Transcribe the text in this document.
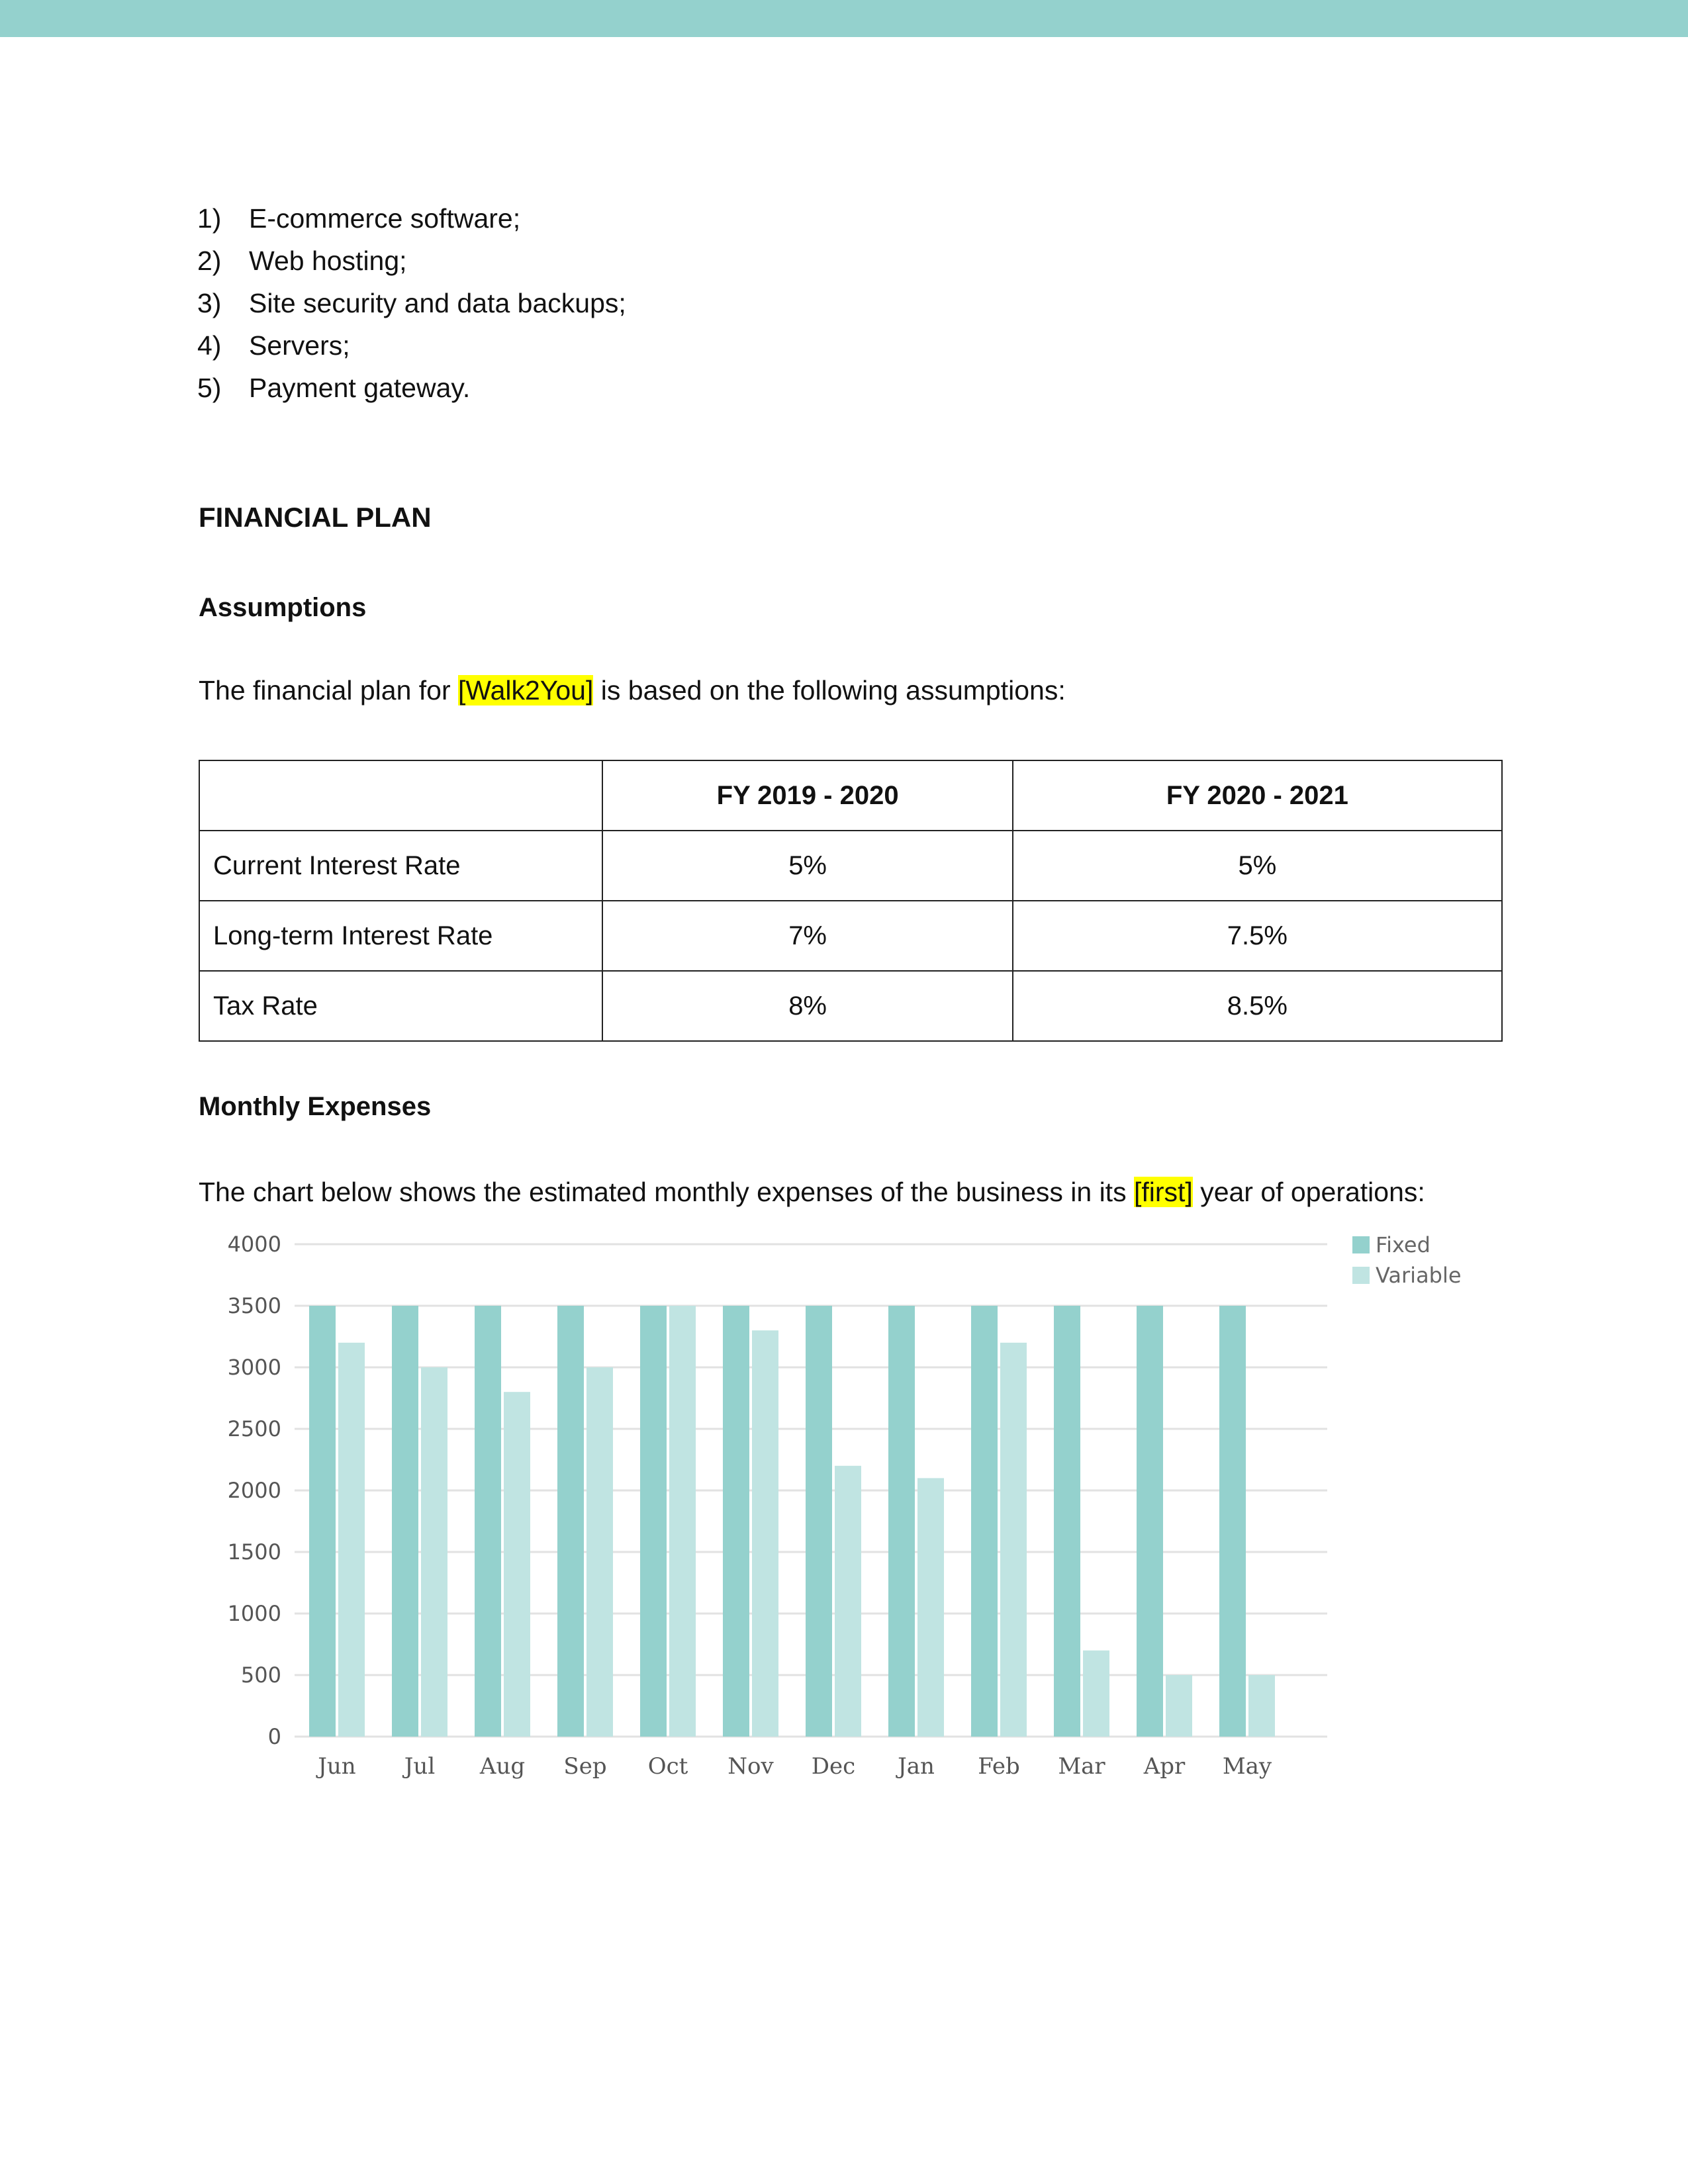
1)	E-commerce software;
2)	Web hosting;
3)	Site security and data backups;
4)	Servers;
5)	Payment gateway.
FINANCIAL PLAN
Assumptions
The financial plan for [Walk2You] is based on the following assumptions:
	FY 2019 - 2020	FY 2020 - 2021
Current Interest Rate	5%	5%
Long-term Interest Rate	7%	7.5%
Tax Rate	8%	8.5%
Monthly Expenses
The chart below shows the estimated monthly expenses of the business in its [first] year of operations:
0
500
1000
1500
2000
2500
3000
3500
4000
Jun Jul Aug Sep Oct Nov Dec Jan Feb Mar Apr May
Fixed
Variable
